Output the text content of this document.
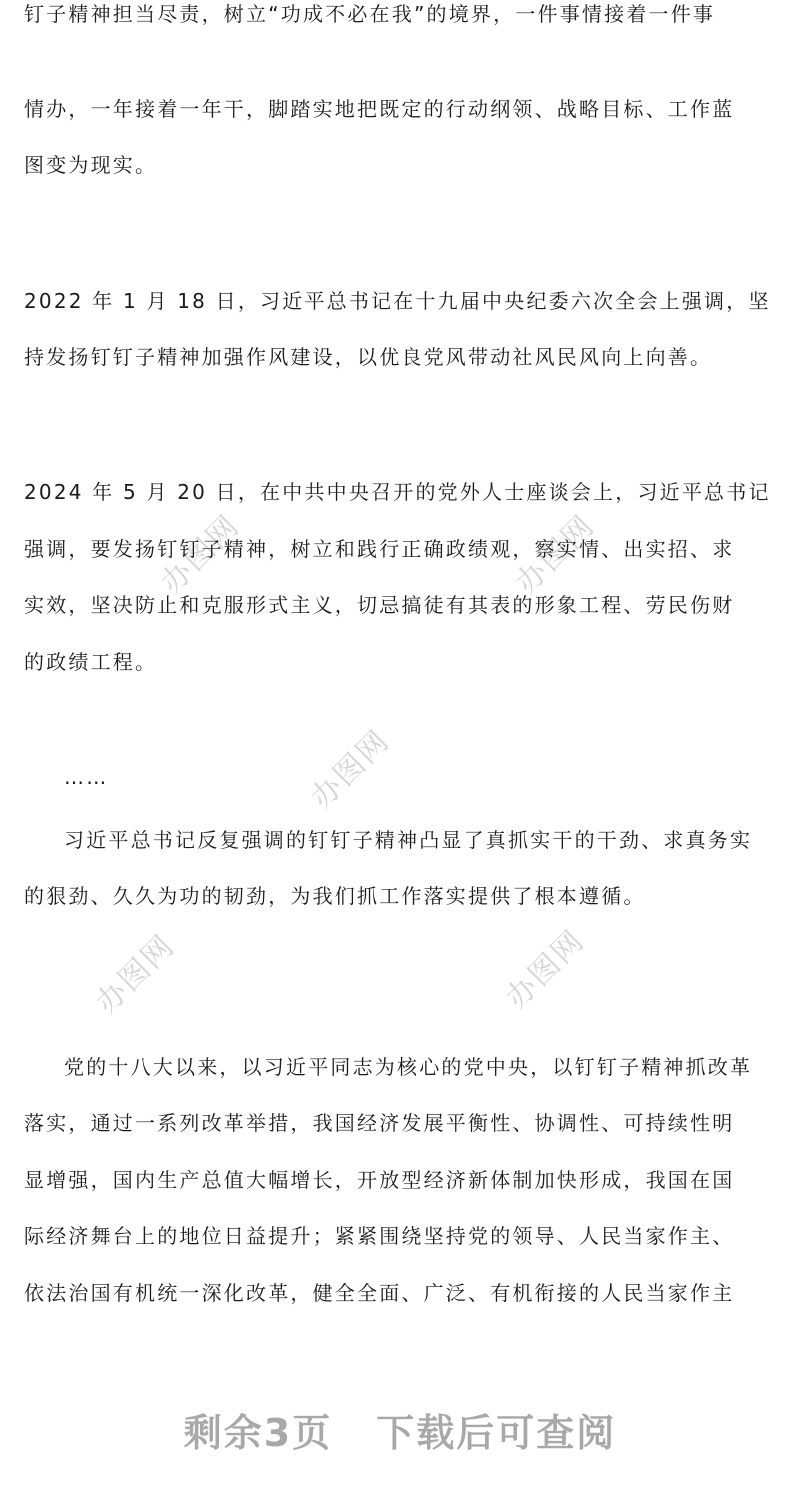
办图网	办图网
办图网
办图网	办图网
钉子精神担当尽责，树立“功成不必在我”的境界，一件事情接着一件事
情办，一年接着一年干，脚踏实地把既定的行动纲领、战略目标、工作蓝
图变为现实。
2022 年 1 月 18 日，习近平总书记在十九届中央纪委六次全会上强调，坚
持发扬钉钉子精神加强作风建设，以优良党风带动社风民风向上向善。
2024 年 5 月 20 日，在中共中央召开的党外人士座谈会上，习近平总书记
强调，要发扬钉钉子精神，树立和践行正确政绩观，察实情、出实招、求
实效，坚决防止和克服形式主义，切忌搞徒有其表的形象工程、劳民伤财
的政绩工程。
……
习近平总书记反复强调的钉钉子精神凸显了真抓实干的干劲、求真务实
的狠劲、久久为功的韧劲，为我们抓工作落实提供了根本遵循。
党的十八大以来，以习近平同志为核心的党中央，以钉钉子精神抓改革
落实，通过一系列改革举措，我国经济发展平衡性、协调性、可持续性明
显增强，国内生产总值大幅增长，开放型经济新体制加快形成，我国在国
际经济舞台上的地位日益提升；紧紧围绕坚持党的领导、人民当家作主、
依法治国有机统一深化改革，健全全面、广泛、有机衔接的人民当家作主
剩余3页 下载后可查阅
